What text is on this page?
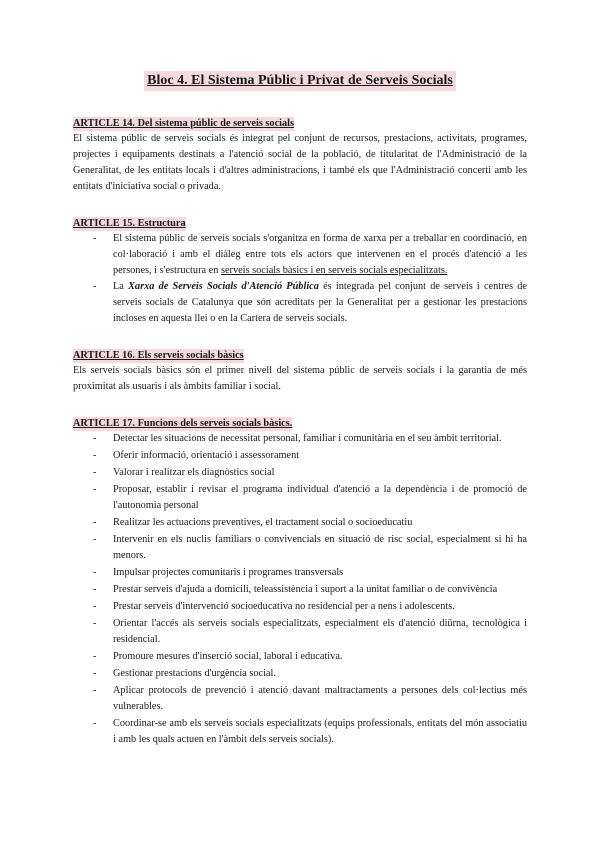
Bloc 4. El Sistema Públic i Privat de Serveis Socials
ARTICLE 14. Del sistema públic de serveis socials

El sistema públic de serveis socials és integrat pel conjunt de recursos, prestacions, activitats, programes, projectes i equipaments destinats a l'atenció social de la població, de titularitat de l'Administració de la Generalitat, de les entitats locals i d'altres administracions, i també els que l'Administració concerti amb les entitats d'iniciativa social o privada.

ARTICLE 15. Estructura
- El sistema públic de serveis socials s'organitza en forma de xarxa per a treballar en coordinació, en col·laboració i amb el diàleg entre tots els actors que intervenen en el procés d'atenció a les persones, i s'estructura en serveis socials bàsics i en serveis socials especialitzats.
- La Xarxa de Serveis Socials d'Atenció Pública és integrada pel conjunt de serveis i centres de serveis socials de Catalunya que són acreditats per la Generalitat per a gestionar les prestacions incloses en aquesta llei o en la Cartera de serveis socials.
ARTICLE 16. Els serveis socials bàsics

Els serveis socials bàsics són el primer nivell del sistema públic de serveis socials i la garantia de més proximitat als usuaris i als àmbits familiar i social.

ARTICLE 17. Funcions dels serveis socials bàsics.
- Detectar les situacions de necessitat personal, familiar i comunitària en el seu àmbit territorial.
- Oferir informació, orientació i assessorament
- Valorar i realitzar els diagnòstics social
- Proposar, establir i revisar el programa individual d'atenció a la dependència i de promoció de l'autonomia personal
- Realitzar les actuacions preventives, el tractament social o socioeducatiu
- Intervenir en els nuclis familiars o convivencials en situació de risc social, especialment si hi ha menors.
- Impulsar projectes comunitaris i programes transversals
- Prestar serveis d'ajuda a domicili, teleassistència i suport a la unitat familiar o de convivència
- Prestar serveis d'intervenció socioeducativa no residencial per a nens i adolescents.
- Orientar l'accés als serveis socials especialitzats, especialment els d'atenció diürna, tecnològica i residencial.
- Promoure mesures d'inserció social, laboral i educativa.
- Gestionar prestacions d'urgència social.
- Aplicar protocols de prevenció i atenció davant maltractaments a persones dels col·lectius més vulnerables.
- Coordinar-se amb els serveis socials especialitzats (equips professionals, entitats del món associatiu i amb les quals actuen en l'àmbit dels serveis socials).
